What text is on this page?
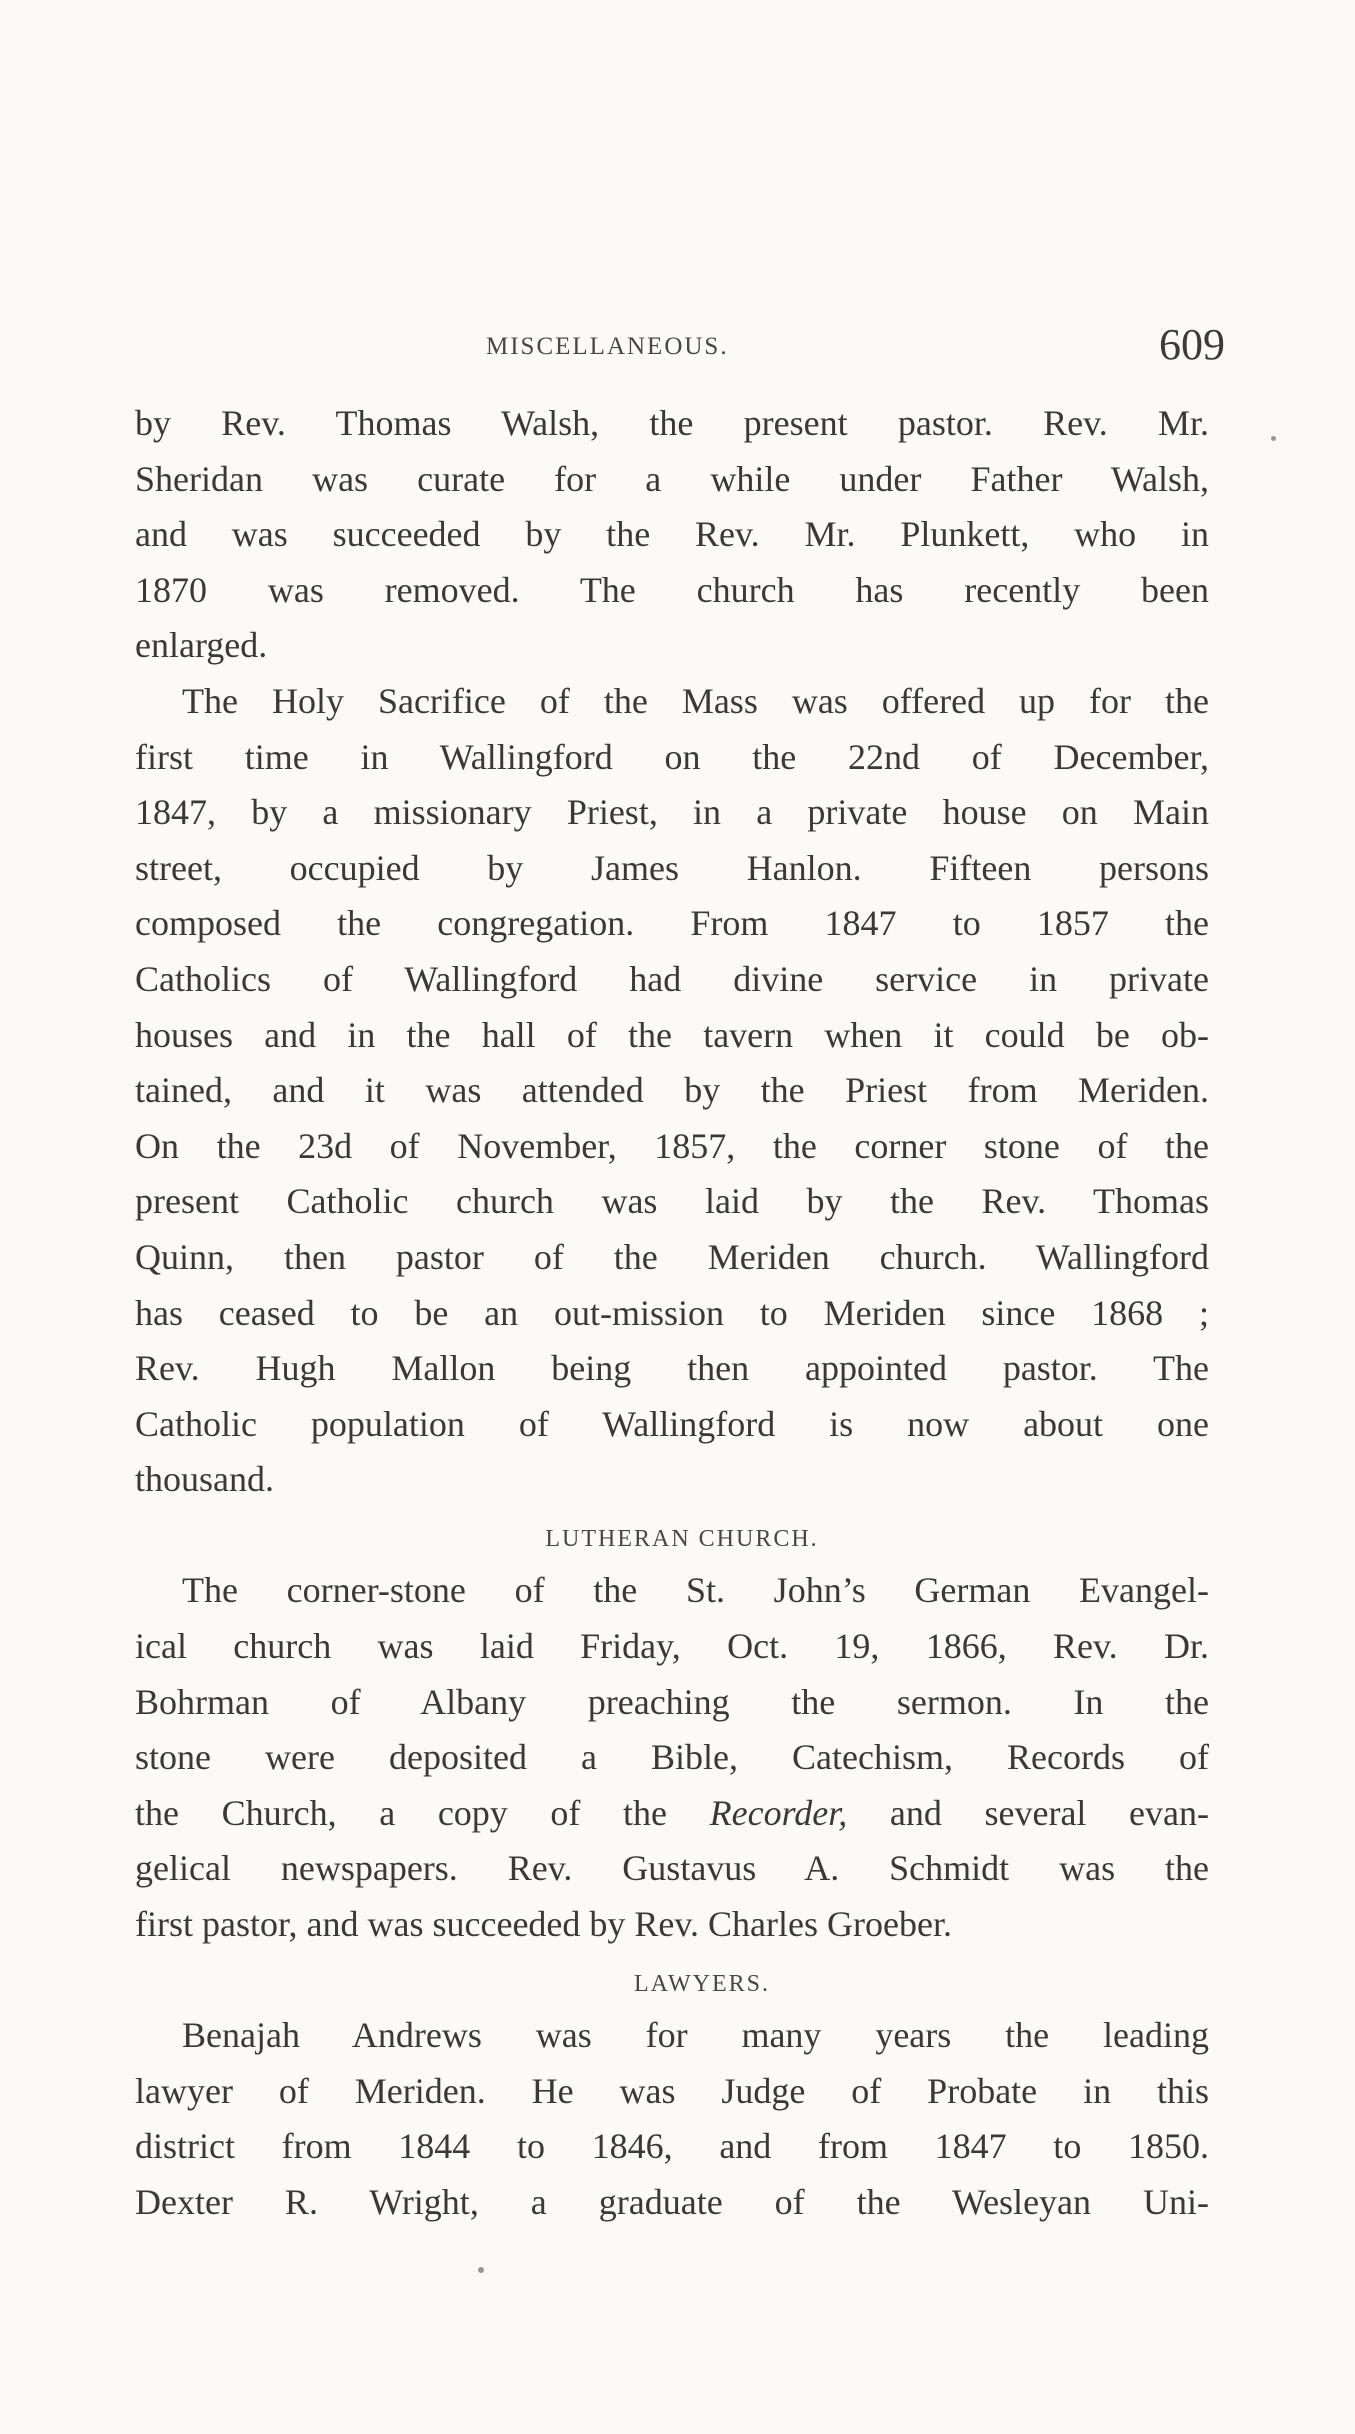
MISCELLANEOUS.	609
by Rev. Thomas Walsh, the present pastor. Rev. Mr.
Sheridan was curate for a while under Father Walsh,
and was succeeded by the Rev. Mr. Plunkett, who in
1870 was removed. The church has recently been
enlarged.
The Holy Sacrifice of the Mass was offered up for the
first time in Wallingford on the 22nd of December,
1847, by a missionary Priest, in a private house on Main
street, occupied by James Hanlon. Fifteen persons
composed the congregation. From 1847 to 1857 the
Catholics of Wallingford had divine service in private
houses and in the hall of the tavern when it could be ob-
tained, and it was attended by the Priest from Meriden.
On the 23d of November, 1857, the corner stone of the
present Catholic church was laid by the Rev. Thomas
Quinn, then pastor of the Meriden church. Wallingford
has ceased to be an out-mission to Meriden since 1868 ;
Rev. Hugh Mallon being then appointed pastor. The
Catholic population of Wallingford is now about one
thousand.
LUTHERAN CHURCH.
The corner-stone of the St. John’s German Evangel-
ical church was laid Friday, Oct. 19, 1866, Rev. Dr.
Bohrman of Albany preaching the sermon. In the
stone were deposited a Bible, Catechism, Records of
the Church, a copy of the Recorder, and several evan-
gelical newspapers. Rev. Gustavus A. Schmidt was the
first pastor, and was succeeded by Rev. Charles Groeber.
LAWYERS.
Benajah Andrews was for many years the leading
lawyer of Meriden. He was Judge of Probate in this
district from 1844 to 1846, and from 1847 to 1850.
Dexter R. Wright, a graduate of the Wesleyan Uni-
